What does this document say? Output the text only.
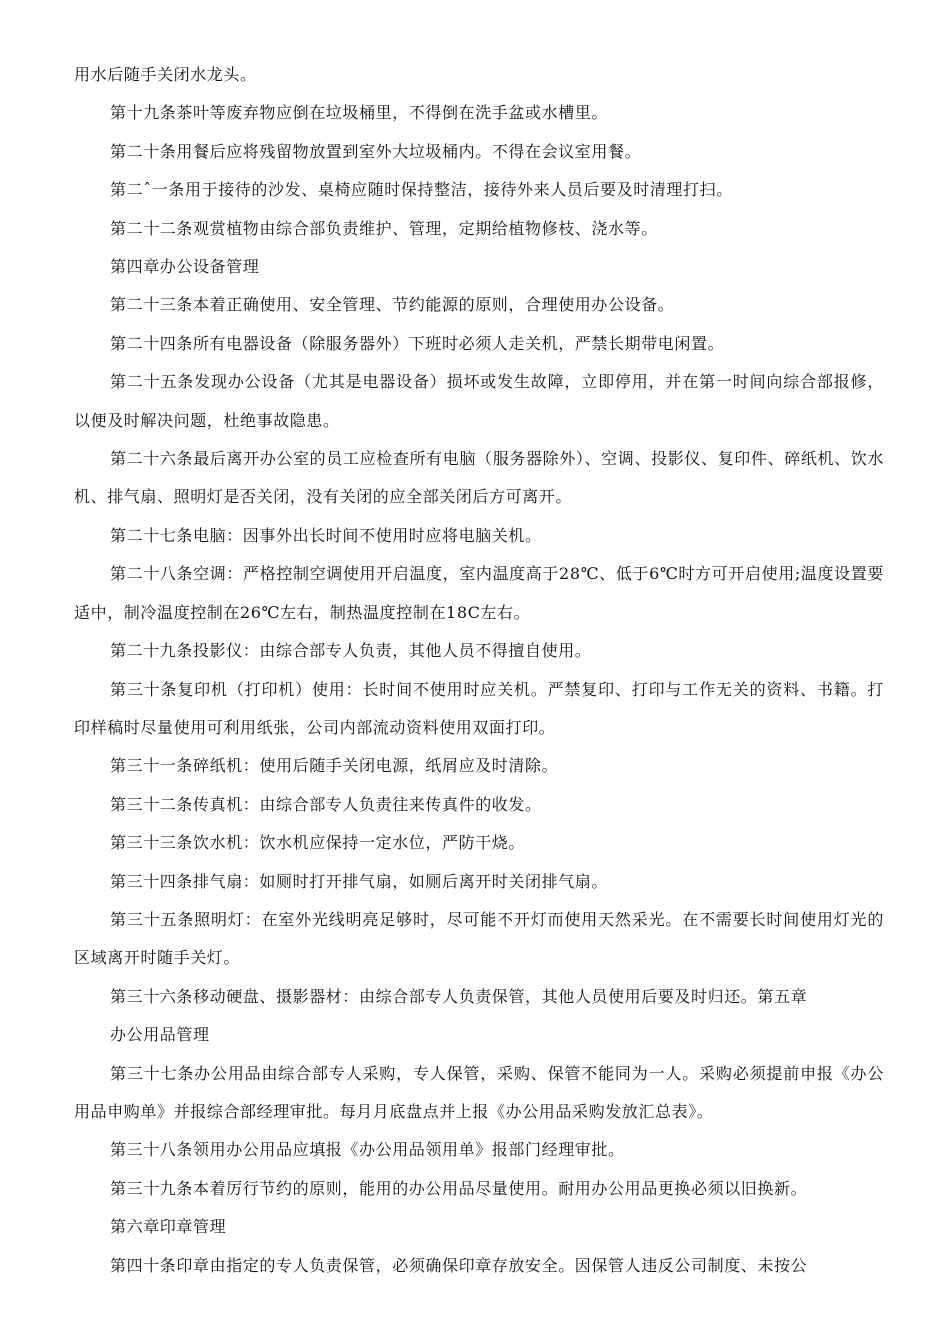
用水后随手关闭水龙头。

第十九条茶叶等废弃物应倒在垃圾桶里，不得倒在洗手盆或水槽里。

第二十条用餐后应将残留物放置到室外大垃圾桶内。不得在会议室用餐。

第二ˆ一条用于接待的沙发、桌椅应随时保持整洁，接待外来人员后要及时清理打扫。

第二十二条观赏植物由综合部负责维护、管理，定期给植物修枝、浇水等。

第四章办公设备管理

第二十三条本着正确使用、安全管理、节约能源的原则，合理使用办公设备。

第二十四条所有电器设备（除服务器外）下班时必须人走关机，严禁长期带电闲置。

第二十五条发现办公设备（尤其是电器设备）损坏或发生故障，立即停用，并在第一时间向综合部报修，以便及时解决问题，杜绝事故隐患。

第二十六条最后离开办公室的员工应检查所有电脑（服务器除外）、空调、投影仪、复印件、碎纸机、饮水机、排气扇、照明灯是否关闭，没有关闭的应全部关闭后方可离开。

第二十七条电脑：因事外出长时间不使用时应将电脑关机。

第二十八条空调：严格控制空调使用开启温度，室内温度高于28℃、低于6℃时方可开启使用;温度设置要适中，制冷温度控制在26℃左右，制热温度控制在18C左右。

第二十九条投影仪：由综合部专人负责，其他人员不得擅自使用。

第三十条复印机（打印机）使用：长时间不使用时应关机。严禁复印、打印与工作无关的资料、书籍。打印样稿时尽量使用可利用纸张，公司内部流动资料使用双面打印。

第三十一条碎纸机：使用后随手关闭电源，纸屑应及时清除。

第三十二条传真机：由综合部专人负责往来传真件的收发。

第三十三条饮水机：饮水机应保持一定水位，严防干烧。

第三十四条排气扇：如厕时打开排气扇，如厕后离开时关闭排气扇。

第三十五条照明灯：在室外光线明亮足够时，尽可能不开灯而使用天然采光。在不需要长时间使用灯光的区域离开时随手关灯。

第三十六条移动硬盘、摄影器材：由综合部专人负责保管，其他人员使用后要及时归还。第五章

办公用品管理

第三十七条办公用品由综合部专人采购，专人保管，采购、保管不能同为一人。采购必须提前申报《办公用品申购单》并报综合部经理审批。每月月底盘点并上报《办公用品采购发放汇总表》。

第三十八条领用办公用品应填报《办公用品领用单》报部门经理审批。

第三十九条本着厉行节约的原则，能用的办公用品尽量使用。耐用办公用品更换必须以旧换新。

第六章印章管理

第四十条印章由指定的专人负责保管，必须确保印章存放安全。因保管人违反公司制度、未按公
